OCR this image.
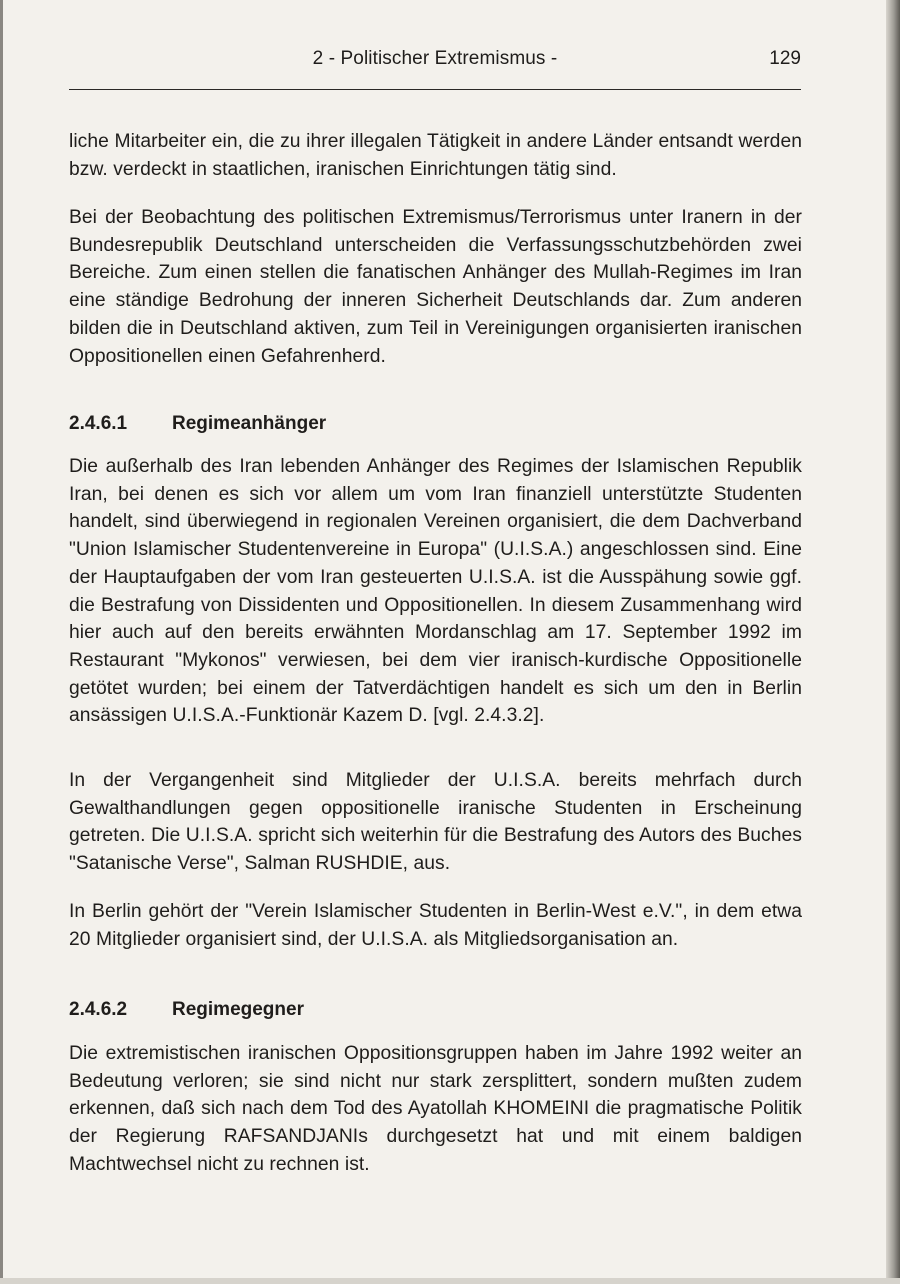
2 - Politischer Extremismus -	129
liche Mitarbeiter ein, die zu ihrer illegalen Tätigkeit in andere Länder entsandt werden bzw. verdeckt in staatlichen, iranischen Einrichtungen tätig sind.
Bei der Beobachtung des politischen Extremismus/Terrorismus unter Iranern in der Bundesrepublik Deutschland unterscheiden die Verfassungsschutzbehörden zwei Bereiche. Zum einen stellen die fanatischen Anhänger des Mullah-Regimes im Iran eine ständige Bedrohung der inneren Sicherheit Deutschlands dar. Zum anderen bilden die in Deutschland aktiven, zum Teil in Vereinigungen organisierten iranischen Oppositionellen einen Gefahrenherd.
2.4.6.1 Regimeanhänger
Die außerhalb des Iran lebenden Anhänger des Regimes der Islamischen Republik Iran, bei denen es sich vor allem um vom Iran finanziell unterstützte Studenten handelt, sind überwiegend in regionalen Vereinen organisiert, die dem Dachverband "Union Islamischer Studentenvereine in Europa" (U.I.S.A.) angeschlossen sind. Eine der Hauptaufgaben der vom Iran gesteuerten U.I.S.A. ist die Ausspähung sowie ggf. die Bestrafung von Dissidenten und Oppositionellen. In diesem Zusammenhang wird hier auch auf den bereits erwähnten Mordanschlag am 17. September 1992 im Restaurant "Mykonos" verwiesen, bei dem vier iranisch-kurdische Oppositionelle getötet wurden; bei einem der Tatverdächtigen handelt es sich um den in Berlin ansässigen U.I.S.A.-Funktionär Kazem D. [vgl. 2.4.3.2].
In der Vergangenheit sind Mitglieder der U.I.S.A. bereits mehrfach durch Gewalthandlungen gegen oppositionelle iranische Studenten in Erscheinung getreten. Die U.I.S.A. spricht sich weiterhin für die Bestrafung des Autors des Buches "Satanische Verse", Salman RUSHDIE, aus.
In Berlin gehört der "Verein Islamischer Studenten in Berlin-West e.V.", in dem etwa 20 Mitglieder organisiert sind, der U.I.S.A. als Mitgliedsorganisation an.
2.4.6.2 Regimegegner
Die extremistischen iranischen Oppositionsgruppen haben im Jahre 1992 weiter an Bedeutung verloren; sie sind nicht nur stark zersplittert, sondern mußten zudem erkennen, daß sich nach dem Tod des Ayatollah KHOMEINI die pragmatische Politik der Regierung RAFSANDJANIs durchgesetzt hat und mit einem baldigen Machtwechsel nicht zu rechnen ist.
